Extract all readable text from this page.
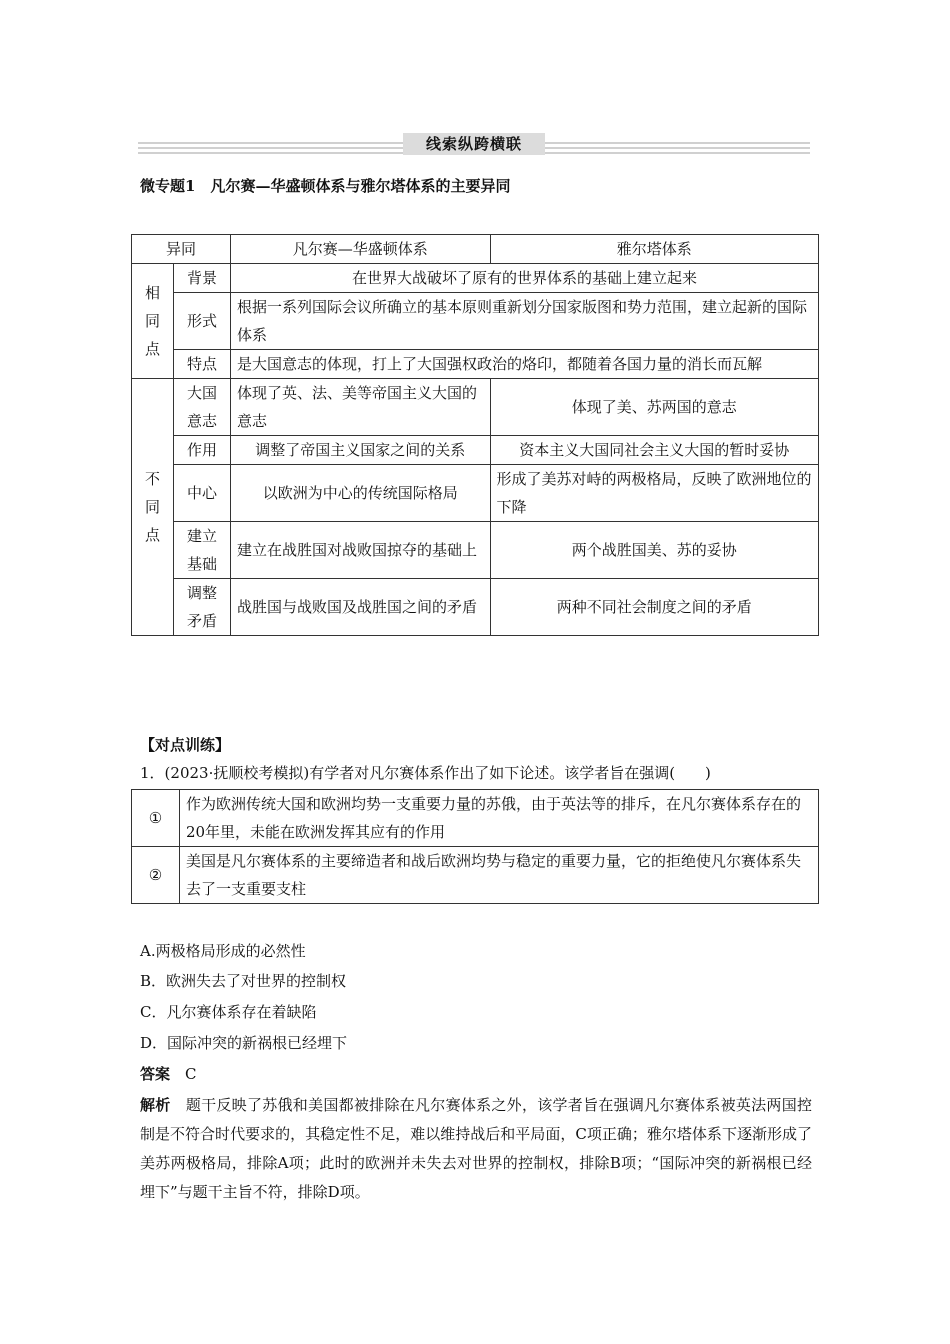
线索纵跨横联
微专题1　凡尔赛—华盛顿体系与雅尔塔体系的主要异同
异同		凡尔赛—华盛顿体系	雅尔塔体系
相同点	背景	在世界大战破坏了原有的世界体系的基础上建立起来	
	形式	根据一系列国际会议所确立的基本原则重新划分国家版图和势力范围，建立起新的国际体系	
	特点	是大国意志的体现，打上了大国强权政治的烙印，都随着各国力量的消长而瓦解	
不同点	大国意志	体现了英、法、美等帝国主义大国的意志	体现了美、苏两国的意志
	作用	调整了帝国主义国家之间的关系	资本主义大国同社会主义大国的暂时妥协
	中心	以欧洲为中心的传统国际格局	形成了美苏对峙的两极格局，反映了欧洲地位的下降
	建立基础	建立在战胜国对战败国掠夺的基础上	两个战胜国美、苏的妥协
	调整矛盾	战胜国与战败国及战胜国之间的矛盾	两种不同社会制度之间的矛盾
【对点训练】
1．(2023·抚顺校考模拟)有学者对凡尔赛体系作出了如下论述。该学者旨在强调(　　)
①	作为欧洲传统大国和欧洲均势一支重要力量的苏俄，由于英法等的排斥，在凡尔赛体系存在的20年里，未能在欧洲发挥其应有的作用
②	美国是凡尔赛体系的主要缔造者和战后欧洲均势与稳定的重要力量，它的拒绝使凡尔赛体系失去了一支重要支柱
A.两极格局形成的必然性
B．欧洲失去了对世界的控制权
C．凡尔赛体系存在着缺陷
D．国际冲突的新祸根已经埋下
答案　 C
解析　 题干反映了苏俄和美国都被排除在凡尔赛体系之外，该学者旨在强调凡尔赛体系被英法两国控制是不符合时代要求的，其稳定性不足，难以维持战后和平局面，C项正确；雅尔塔体系下逐渐形成了美苏两极格局，排除A项；此时的欧洲并未失去对世界的控制权，排除B项；“国际冲突的新祸根已经埋下”与题干主旨不符，排除D项。
